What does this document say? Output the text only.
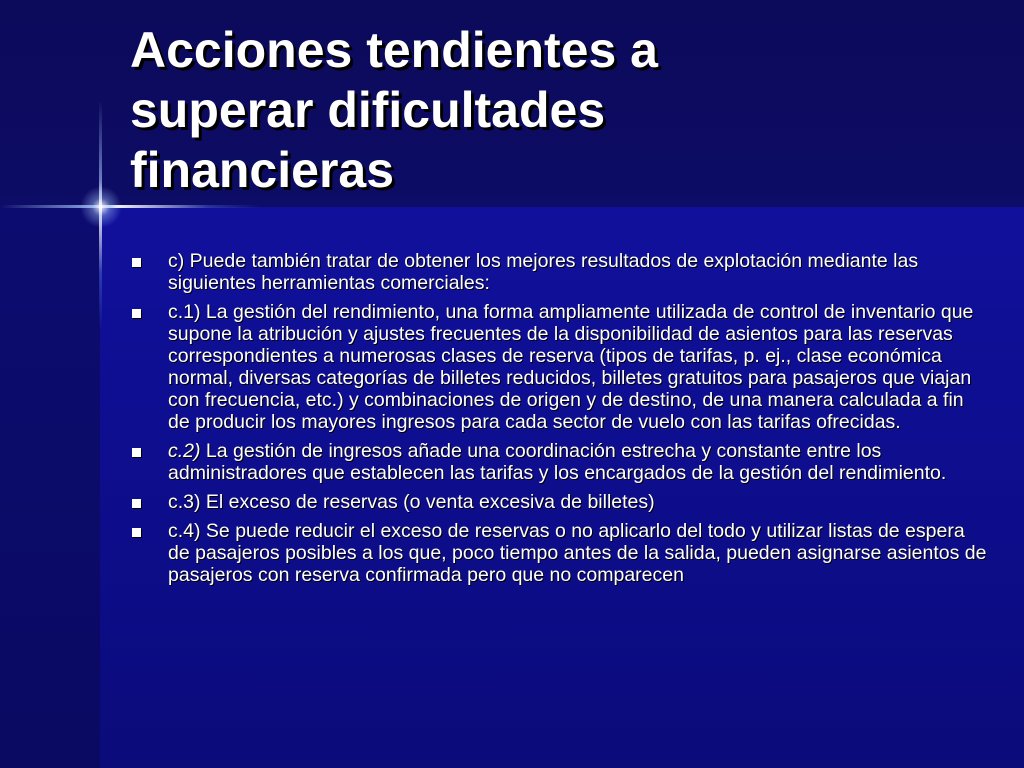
Acciones tendientes a
superar dificultades
financieras
c) Puede también tratar de obtener los mejores resultados de explotación mediante las siguientes herramientas comerciales:
c.1) La gestión del rendimiento, una forma ampliamente utilizada de control de inventario que supone la atribución y ajustes frecuentes de la disponibilidad de asientos para las reservas correspondientes a numerosas clases de reserva (tipos de tarifas, p. ej., clase económica normal, diversas categorías de billetes reducidos, billetes gratuitos para pasajeros que viajan con frecuencia, etc.) y combinaciones de origen y de destino, de una manera calculada a fin de producir los mayores ingresos para cada sector de vuelo con las tarifas ofrecidas.
c.2) La gestión de ingresos añade una coordinación estrecha y constante entre los administradores que establecen las tarifas y los encargados de la gestión del rendimiento.
c.3) El exceso de reservas (o venta excesiva de billetes)
c.4) Se puede reducir el exceso de reservas o no aplicarlo del todo y utilizar listas de espera de pasajeros posibles a los que, poco tiempo antes de la salida, pueden asignarse asientos de pasajeros con reserva confirmada pero que no comparecen
